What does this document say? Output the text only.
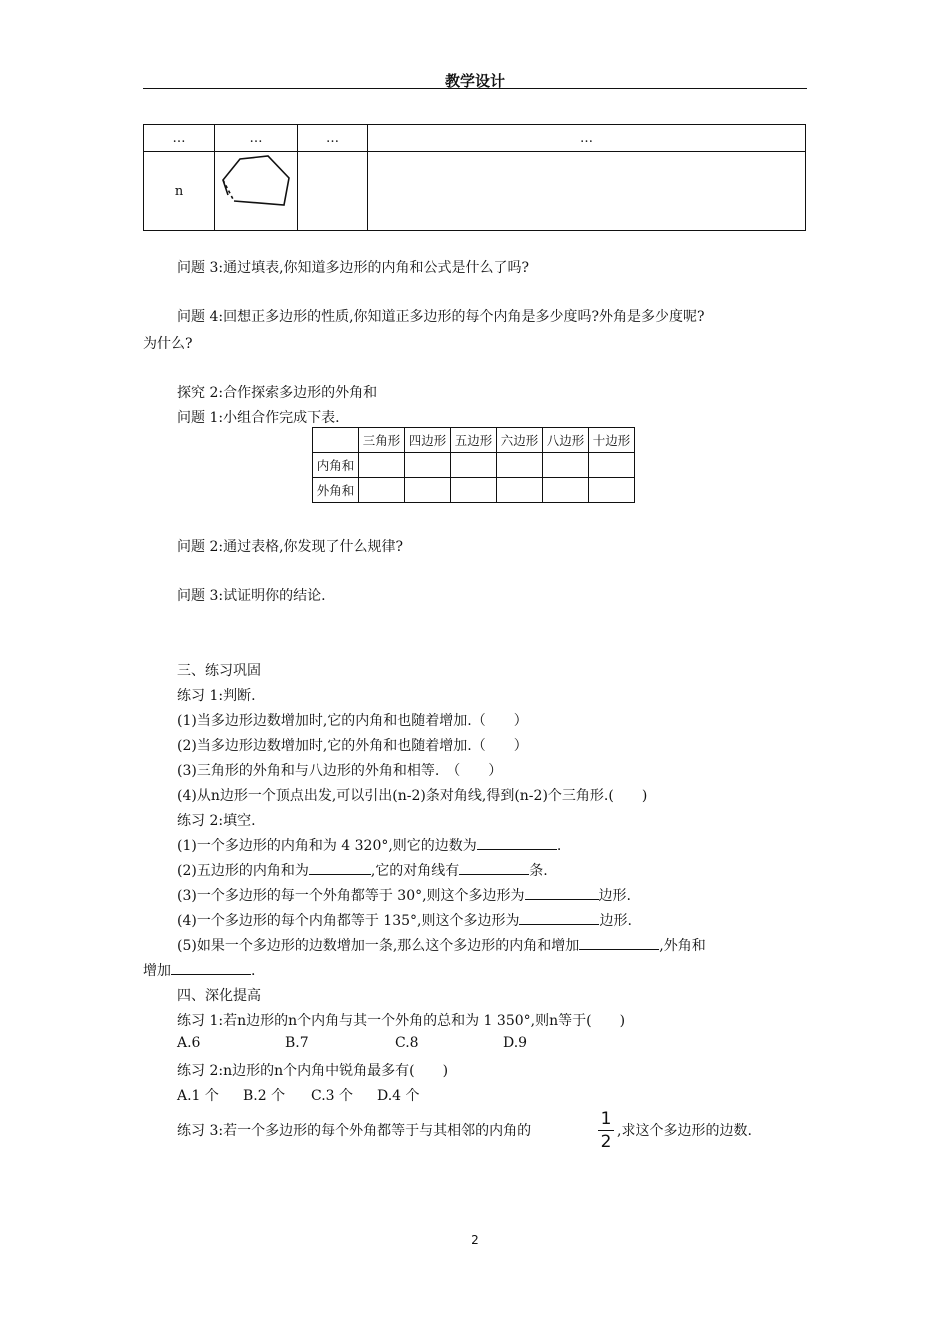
教学设计
…	…	…	…
n			
问题 3:通过填表,你知道多边形的内角和公式是什么了吗?
问题 4:回想正多边形的性质,你知道正多边形的每个内角是多少度吗?外角是多少度呢?
为什么?
探究 2:合作探索多边形的外角和
问题 1:小组合作完成下表.
	三角形	四边形	五边形	六边形	八边形	十边形
内角和						
外角和						
问题 2:通过表格,你发现了什么规律?
问题 3:试证明你的结论.
三、练习巩固
练习 1:判断.
(1)当多边形边数增加时,它的内角和也随着增加.（　　）
(2)当多边形边数增加时,它的外角和也随着增加.（　　）
(3)三角形的外角和与八边形的外角和相等.　（　　）
(4)从n边形一个顶点出发,可以引出(n-2)条对角线,得到(n-2)个三角形.(　　)
练习 2:填空.
(1)一个多边形的内角和为 4 320°,则它的边数为	.
(2)五边形的内角和为	,它的对角线有	条.
(3)一个多边形的每一个外角都等于 30°,则这个多边形为	边形.
(4)一个多边形的每个内角都等于 135°,则这个多边形为	边形.
(5)如果一个多边形的边数增加一条,那么这个多边形的内角和增加	,外角和
增加	.
四、深化提高
练习 1:若n边形的n个内角与其一个外角的总和为 1 350°,则n等于(　　)
A.6	B.7	C.8	D.9
练习 2:n边形的n个内角中锐角最多有(　　)
A.1 个 B.2 个 C.3 个 D.4 个
练习 3:若一个多边形的每个外角都等于与其相邻的内角的
1
2
,求这个多边形的边数.
2
